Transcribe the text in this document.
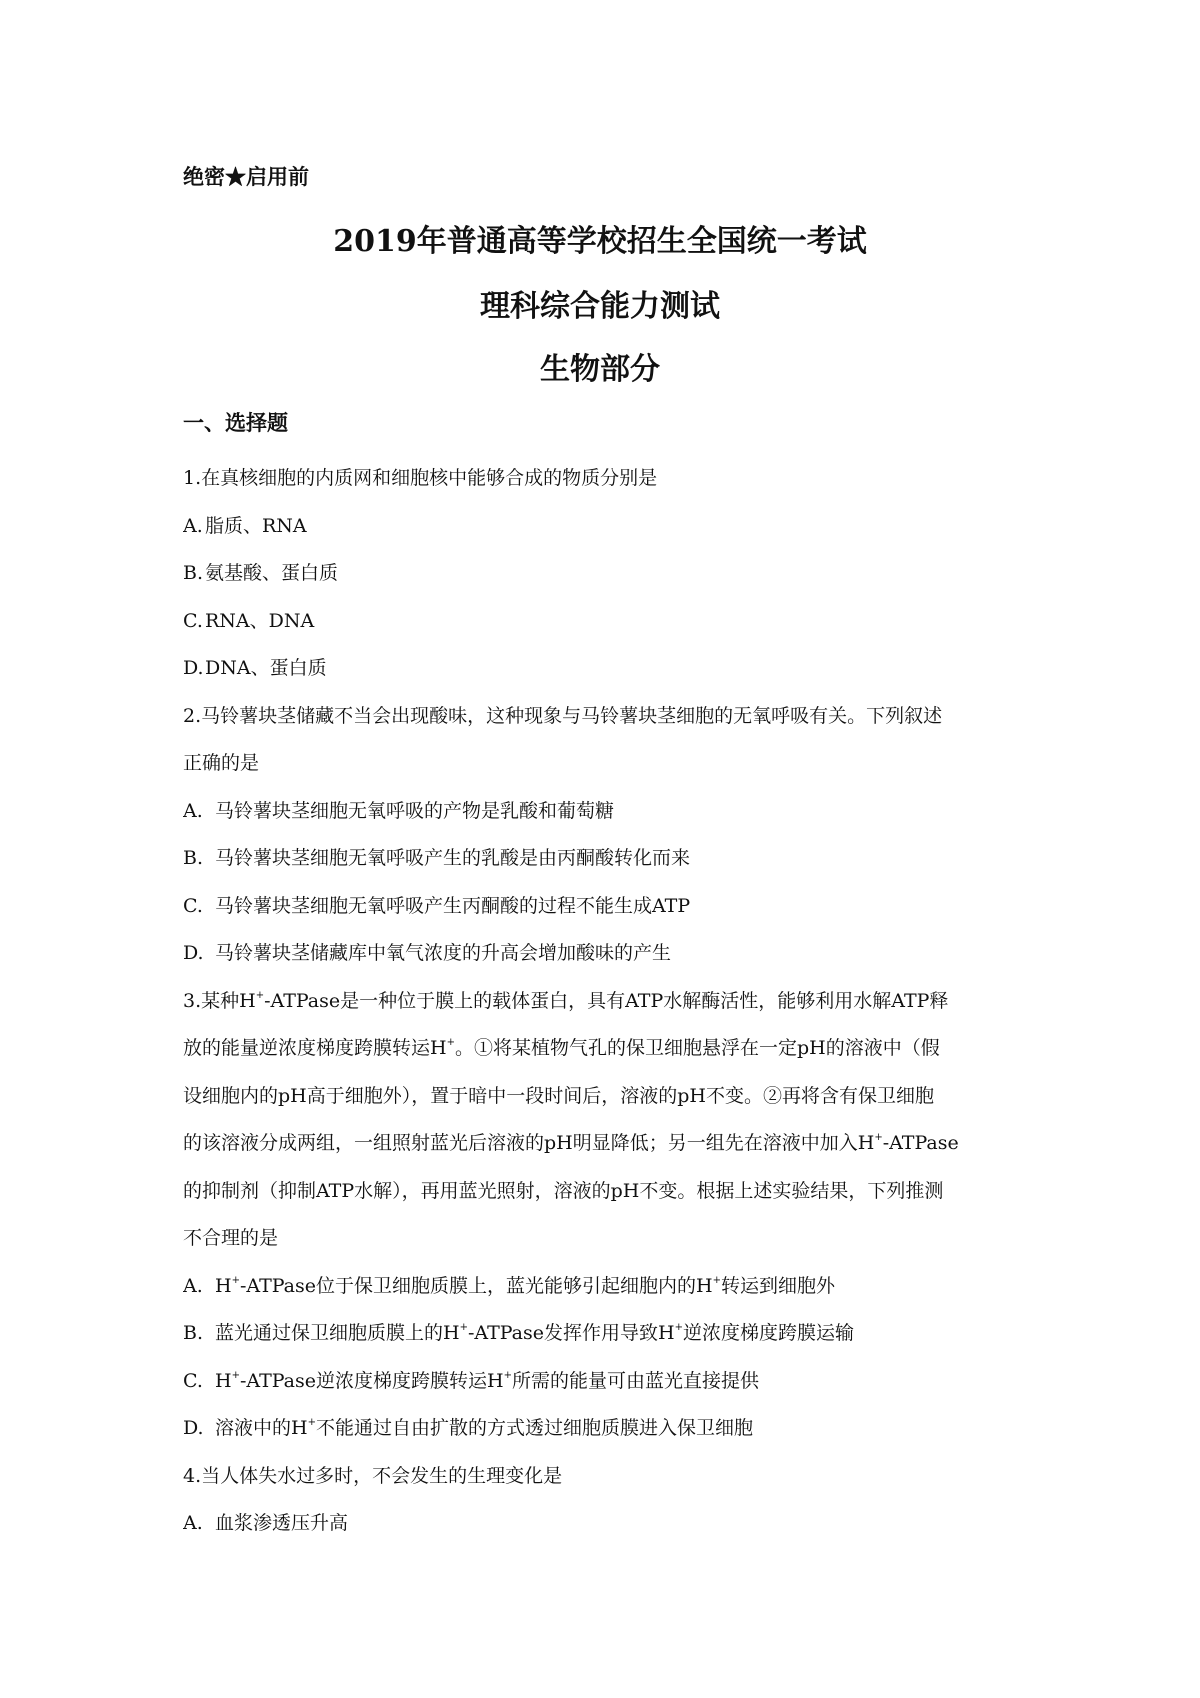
绝密★启用前
2019年普通高等学校招生全国统一考试
理科综合能力测试
生物部分
一、选择题
1.在真核细胞的内质网和细胞核中能够合成的物质分别是
A. 脂质、RNA
B. 氨基酸、蛋白质
C. RNA、DNA
D.DNA、蛋白质
2.马铃薯块茎储藏不当会出现酸味，这种现象与马铃薯块茎细胞的无氧呼吸有关。下列叙述
正确的是
A. 马铃薯块茎细胞无氧呼吸的产物是乳酸和葡萄糖
B. 马铃薯块茎细胞无氧呼吸产生的乳酸是由丙酮酸转化而来
C. 马铃薯块茎细胞无氧呼吸产生丙酮酸的过程不能生成ATP
D. 马铃薯块茎储藏库中氧气浓度的升高会增加酸味的产生
3.某种H+-ATPase是一种位于膜上的载体蛋白，具有ATP水解酶活性，能够利用水解ATP释
放的能量逆浓度梯度跨膜转运H+。①将某植物气孔的保卫细胞悬浮在一定pH的溶液中（假
设细胞内的pH高于细胞外），置于暗中一段时间后，溶液的pH不变。②再将含有保卫细胞
的该溶液分成两组，一组照射蓝光后溶液的pH明显降低；另一组先在溶液中加入H+-ATPase
的抑制剂（抑制ATP水解），再用蓝光照射，溶液的pH不变。根据上述实验结果，下列推测
不合理的是
A. H+-ATPase位于保卫细胞质膜上，蓝光能够引起细胞内的H+转运到细胞外
B. 蓝光通过保卫细胞质膜上的H+-ATPase发挥作用导致H+逆浓度梯度跨膜运输
C. H+-ATPase逆浓度梯度跨膜转运H+所需的能量可由蓝光直接提供
D. 溶液中的H+不能通过自由扩散的方式透过细胞质膜进入保卫细胞
4.当人体失水过多时，不会发生的生理变化是
A. 血浆渗透压升高
